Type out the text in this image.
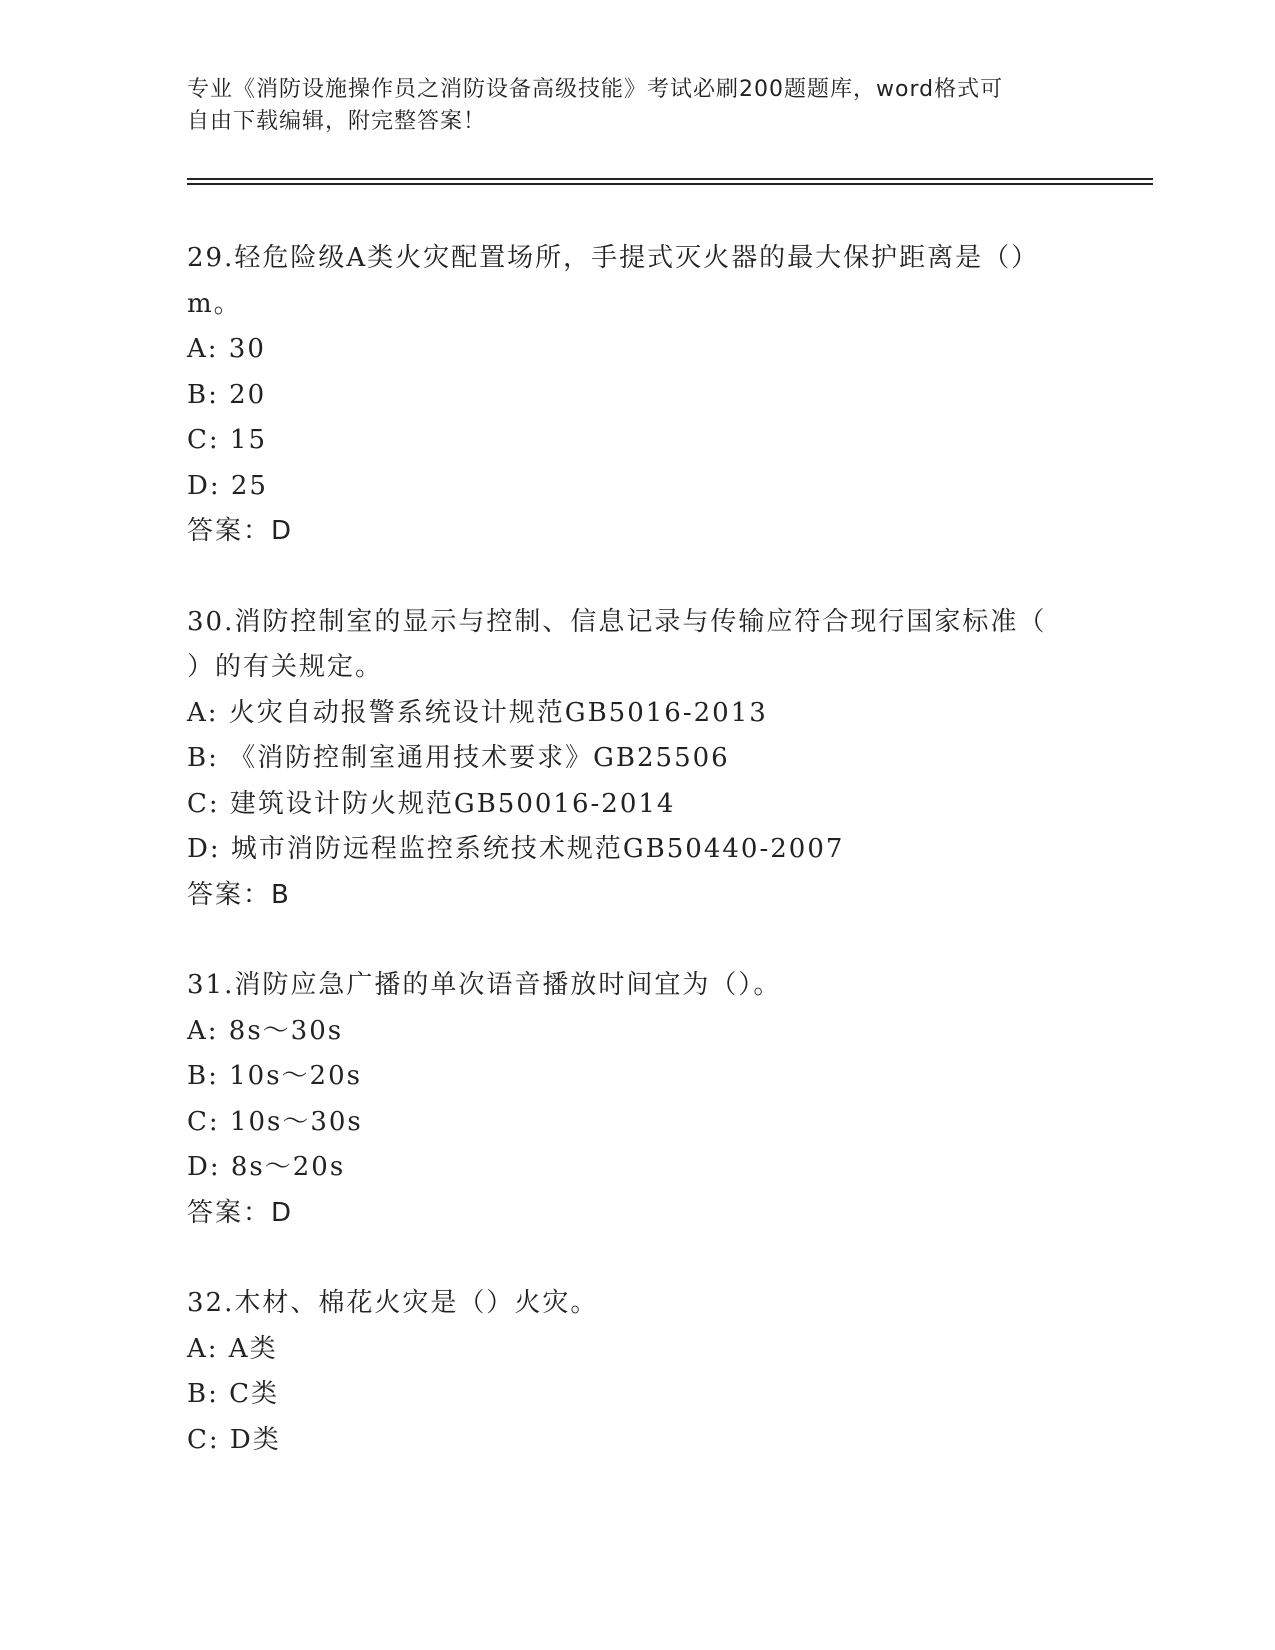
专业《消防设施操作员之消防设备高级技能》考试必刷200题题库，word格式可
自由下载编辑，附完整答案！
29.轻危险级A类火灾配置场所，手提式灭火器的最大保护距离是（）
m。
A: 30
B: 20
C: 15
D: 25
答案：D
30.消防控制室的显示与控制、信息记录与传输应符合现行国家标准（
）的有关规定。
A: 火灾自动报警系统设计规范GB5016-2013
B: 《消防控制室通用技术要求》GB25506
C: 建筑设计防火规范GB50016-2014
D: 城市消防远程监控系统技术规范GB50440-2007
答案：B
31.消防应急广播的单次语音播放时间宜为（）。
A: 8s～30s
B: 10s～20s
C: 10s～30s
D: 8s～20s
答案：D
32.木材、棉花火灾是（）火灾。
A: A类
B: C类
C: D类
